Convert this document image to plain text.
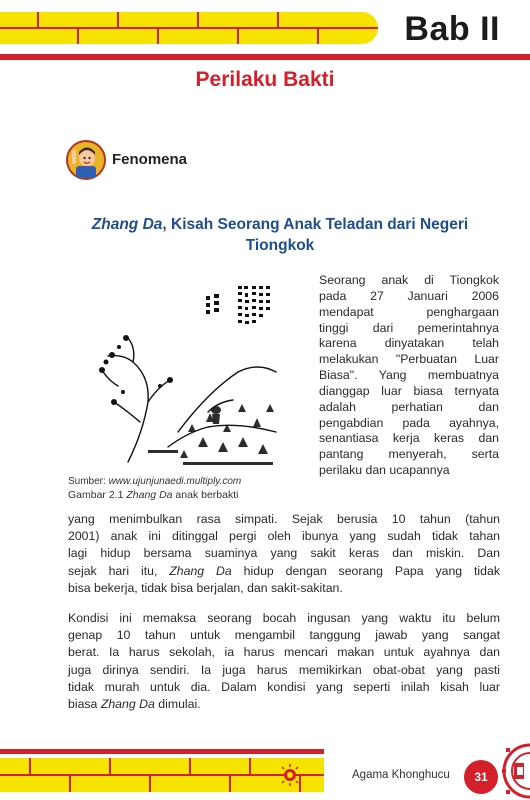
Bab II
Perilaku Bakti
Fenomena
Zhang Da, Kisah Seorang Anak Teladan dari Negeri Tiongkok
Sumber: www.ujunjunaedi.multiply.com
Gambar 2.1 Zhang Da anak berbakti
Seorang anak di Tiongkok
pada 27 Januari 2006
mendapat penghargaan
tinggi dari pemerintahnya
karena dinyatakan telah
melakukan "Perbuatan Luar
Biasa". Yang membuatnya
dianggap luar biasa ternyata
adalah perhatian dan
pengabdian pada ayahnya,
senantiasa kerja keras dan
pantang menyerah, serta
perilaku dan ucapannya
yang menimbulkan rasa simpati. Sejak berusia 10 tahun (tahun
2001) anak ini ditinggal pergi oleh ibunya yang sudah tidak tahan
lagi hidup bersama suaminya yang sakit keras dan miskin. Dan
sejak hari itu, Zhang Da hidup dengan seorang Papa yang tidak
bisa bekerja, tidak bisa berjalan, dan sakit-sakitan.
Kondisi ini memaksa seorang bocah ingusan yang waktu itu belum
genap 10 tahun untuk mengambil tanggung jawab yang sangat
berat. Ia harus sekolah, ia harus mencari makan untuk ayahnya dan
juga dirinya sendiri. Ia juga harus memikirkan obat-obat yang pasti
tidak murah untuk dia. Dalam kondisi yang seperti inilah kisah luar
biasa Zhang Da dimulai.
Agama Khonghucu	31
